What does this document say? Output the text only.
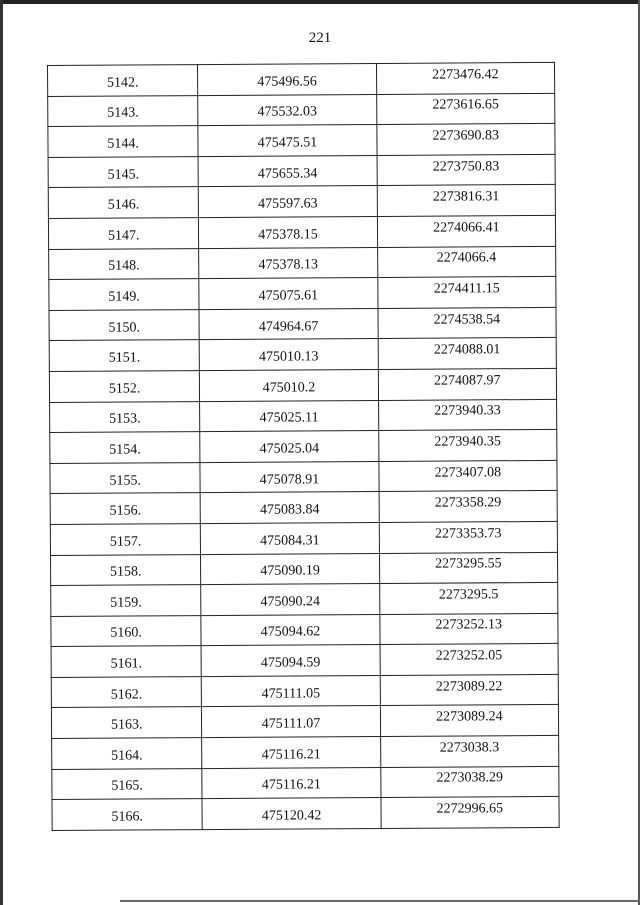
221
5142.	475496.56	2273476.42
5143.	475532.03	2273616.65
5144.	475475.51	2273690.83
5145.	475655.34	2273750.83
5146.	475597.63	2273816.31
5147.	475378.15	2274066.41
5148.	475378.13	2274066.4
5149.	475075.61	2274411.15
5150.	474964.67	2274538.54
5151.	475010.13	2274088.01
5152.	475010.2	2274087.97
5153.	475025.11	2273940.33
5154.	475025.04	2273940.35
5155.	475078.91	2273407.08
5156.	475083.84	2273358.29
5157.	475084.31	2273353.73
5158.	475090.19	2273295.55
5159.	475090.24	2273295.5
5160.	475094.62	2273252.13
5161.	475094.59	2273252.05
5162.	475111.05	2273089.22
5163.	475111.07	2273089.24
5164.	475116.21	2273038.3
5165.	475116.21	2273038.29
5166.	475120.42	2272996.65
